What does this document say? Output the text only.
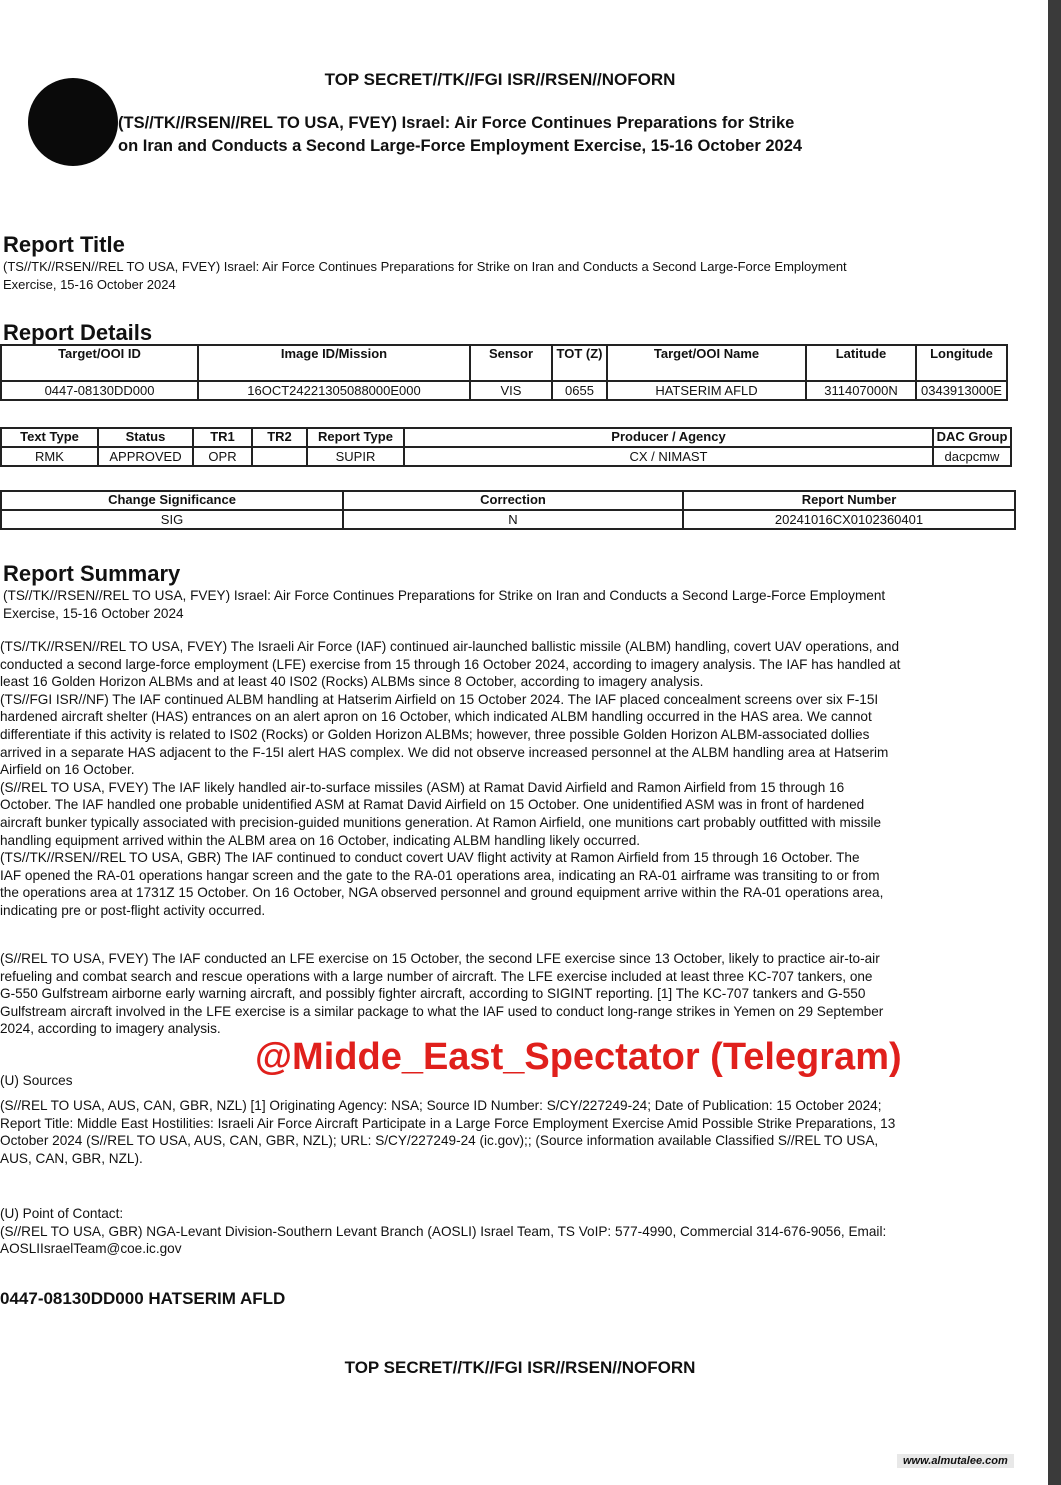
TOP SECRET//TK//FGI ISR//RSEN//NOFORN
(TS//TK//RSEN//REL TO USA, FVEY) Israel: Air Force Continues Preparations for Strike
on Iran and Conducts a Second Large-Force Employment Exercise, 15-16 October 2024
Report Title
(TS//TK//RSEN//REL TO USA, FVEY) Israel: Air Force Continues Preparations for Strike on Iran and Conducts a Second Large-Force Employment
Exercise, 15-16 October 2024
Report Details
Target/OOI ID	Image ID/Mission	Sensor	TOT (Z)	Target/OOI Name	Latitude	Longitude
0447-08130DD000	16OCT24221305088000E000	VIS	0655	HATSERIM AFLD	311407000N	0343913000E
Text Type	Status	TR1	TR2	Report Type	Producer / Agency	DAC Group
RMK	APPROVED	OPR		SUPIR	CX / NIMAST	dacpcmw
Change Significance	Correction	Report Number
SIG	N	20241016CX0102360401
Report Summary
(TS//TK//RSEN//REL TO USA, FVEY) Israel: Air Force Continues Preparations for Strike on Iran and Conducts a Second Large-Force Employment
Exercise, 15-16 October 2024
(TS//TK//RSEN//REL TO USA, FVEY) The Israeli Air Force (IAF) continued air-launched ballistic missile (ALBM) handling, covert UAV operations, and
conducted a second large-force employment (LFE) exercise from 15 through 16 October 2024, according to imagery analysis. The IAF has handled at
least 16 Golden Horizon ALBMs and at least 40 IS02 (Rocks) ALBMs since 8 October, according to imagery analysis.
(TS//FGI ISR//NF) The IAF continued ALBM handling at Hatserim Airfield on 15 October 2024. The IAF placed concealment screens over six F-15I
hardened aircraft shelter (HAS) entrances on an alert apron on 16 October, which indicated ALBM handling occurred in the HAS area. We cannot
differentiate if this activity is related to IS02 (Rocks) or Golden Horizon ALBMs; however, three possible Golden Horizon ALBM-associated dollies
arrived in a separate HAS adjacent to the F-15I alert HAS complex. We did not observe increased personnel at the ALBM handling area at Hatserim
Airfield on 16 October.
(S//REL TO USA, FVEY) The IAF likely handled air-to-surface missiles (ASM) at Ramat David Airfield and Ramon Airfield from 15 through 16
October. The IAF handled one probable unidentified ASM at Ramat David Airfield on 15 October. One unidentified ASM was in front of hardened
aircraft bunker typically associated with precision-guided munitions generation. At Ramon Airfield, one munitions cart probably outfitted with missile
handling equipment arrived within the ALBM area on 16 October, indicating ALBM handling likely occurred.
(TS//TK//RSEN//REL TO USA, GBR) The IAF continued to conduct covert UAV flight activity at Ramon Airfield from 15 through 16 October. The
IAF opened the RA-01 operations hangar screen and the gate to the RA-01 operations area, indicating an RA-01 airframe was transiting to or from
the operations area at 1731Z 15 October. On 16 October, NGA observed personnel and ground equipment arrive within the RA-01 operations area,
indicating pre or post-flight activity occurred.
(S//REL TO USA, FVEY) The IAF conducted an LFE exercise on 15 October, the second LFE exercise since 13 October, likely to practice air-to-air
refueling and combat search and rescue operations with a large number of aircraft. The LFE exercise included at least three KC-707 tankers, one
G-550 Gulfstream airborne early warning aircraft, and possibly fighter aircraft, according to SIGINT reporting. [1] The KC-707 tankers and G-550
Gulfstream aircraft involved in the LFE exercise is a similar package to what the IAF used to conduct long-range strikes in Yemen on 29 September
2024, according to imagery analysis.
(U) Sources
(S//REL TO USA, AUS, CAN, GBR, NZL) [1] Originating Agency: NSA; Source ID Number: S/CY/227249-24; Date of Publication: 15 October 2024;
Report Title: Middle East Hostilities: Israeli Air Force Aircraft Participate in a Large Force Employment Exercise Amid Possible Strike Preparations, 13
October 2024 (S//REL TO USA, AUS, CAN, GBR, NZL); URL: S/CY/227249-24 (ic.gov);; (Source information available Classified S//REL TO USA,
AUS, CAN, GBR, NZL).
(U) Point of Contact:
(S//REL TO USA, GBR) NGA-Levant Division-Southern Levant Branch (AOSLI) Israel Team, TS VoIP: 577-4990, Commercial 314-676-9056, Email:
AOSLIIsraelTeam@coe.ic.gov
@Midde_East_Spectator (Telegram)
0447-08130DD000 HATSERIM AFLD
TOP SECRET//TK//FGI ISR//RSEN//NOFORN
www.almutalee.com
